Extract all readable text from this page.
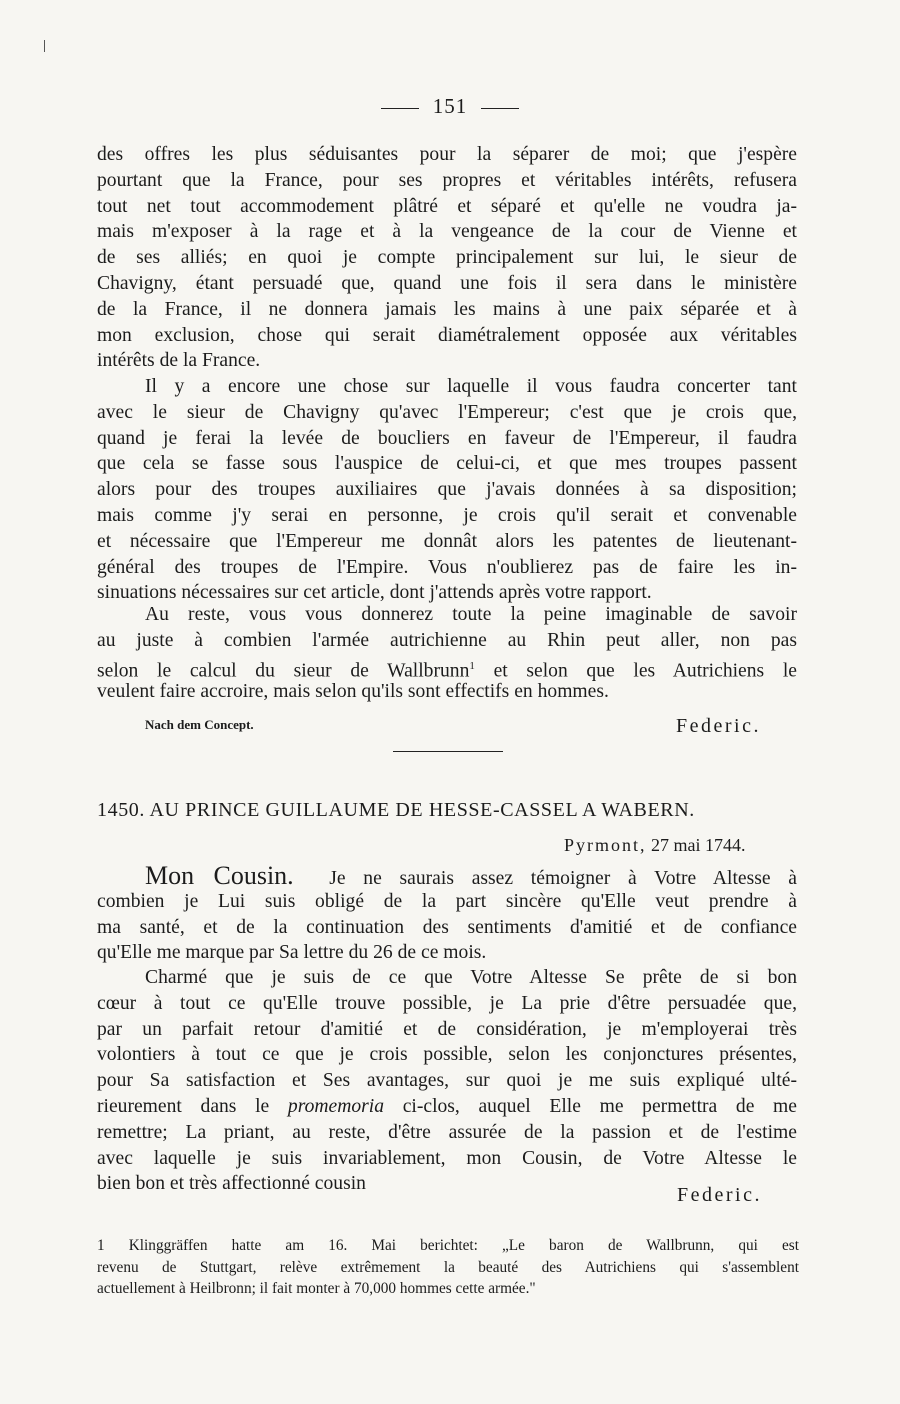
151
des offres les plus séduisantes pour la séparer de moi; que j'espère
pourtant que la France, pour ses propres et véritables intérêts, refusera
tout net tout accommodement plâtré et séparé et qu'elle ne voudra ja-
mais m'exposer à la rage et à la vengeance de la cour de Vienne et
de ses alliés; en quoi je compte principalement sur lui, le sieur de
Chavigny, étant persuadé que, quand une fois il sera dans le ministère
de la France, il ne donnera jamais les mains à une paix séparée et à
mon exclusion, chose qui serait diamétralement opposée aux véritables
intérêts de la France.
Il y a encore une chose sur laquelle il vous faudra concerter tant
avec le sieur de Chavigny qu'avec l'Empereur; c'est que je crois que,
quand je ferai la levée de boucliers en faveur de l'Empereur, il faudra
que cela se fasse sous l'auspice de celui-ci, et que mes troupes passent
alors pour des troupes auxiliaires que j'avais données à sa disposition;
mais comme j'y serai en personne, je crois qu'il serait et convenable
et nécessaire que l'Empereur me donnât alors les patentes de lieutenant-
général des troupes de l'Empire. Vous n'oublierez pas de faire les in-
sinuations nécessaires sur cet article, dont j'attends après votre rapport.
Au reste, vous vous donnerez toute la peine imaginable de savoir
au juste à combien l'armée autrichienne au Rhin peut aller, non pas
selon le calcul du sieur de Wallbrunn$^1$ et selon que les Autrichiens le
veulent faire accroire, mais selon qu'ils sont effectifs en hommes.
Nach dem Concept.	Federic.
1450. AU PRINCE GUILLAUME DE HESSE-CASSEL A WABERN.
Pyrmont, 27 mai 1744.
Mon Cousin. Je ne saurais assez témoigner à Votre Altesse à
combien je Lui suis obligé de la part sincère qu'Elle veut prendre à
ma santé, et de la continuation des sentiments d'amitié et de confiance
qu'Elle me marque par Sa lettre du 26 de ce mois.
Charmé que je suis de ce que Votre Altesse Se prête de si bon
cœur à tout ce qu'Elle trouve possible, je La prie d'être persuadée que,
par un parfait retour d'amitié et de considération, je m'employerai très
volontiers à tout ce que je crois possible, selon les conjonctures présentes,
pour Sa satisfaction et Ses avantages, sur quoi je me suis expliqué ulté-
rieurement dans le promemoria ci-clos, auquel Elle me permettra de me
remettre; La priant, au reste, d'être assurée de la passion et de l'estime
avec laquelle je suis invariablement, mon Cousin, de Votre Altesse le
bien bon et très affectionné cousin
Federic.
1 Klinggräffen hatte am 16. Mai berichtet: „Le baron de Wallbrunn, qui est
revenu de Stuttgart, relève extrêmement la beauté des Autrichiens qui s'assemblent
actuellement à Heilbronn; il fait monter à 70,000 hommes cette armée."
